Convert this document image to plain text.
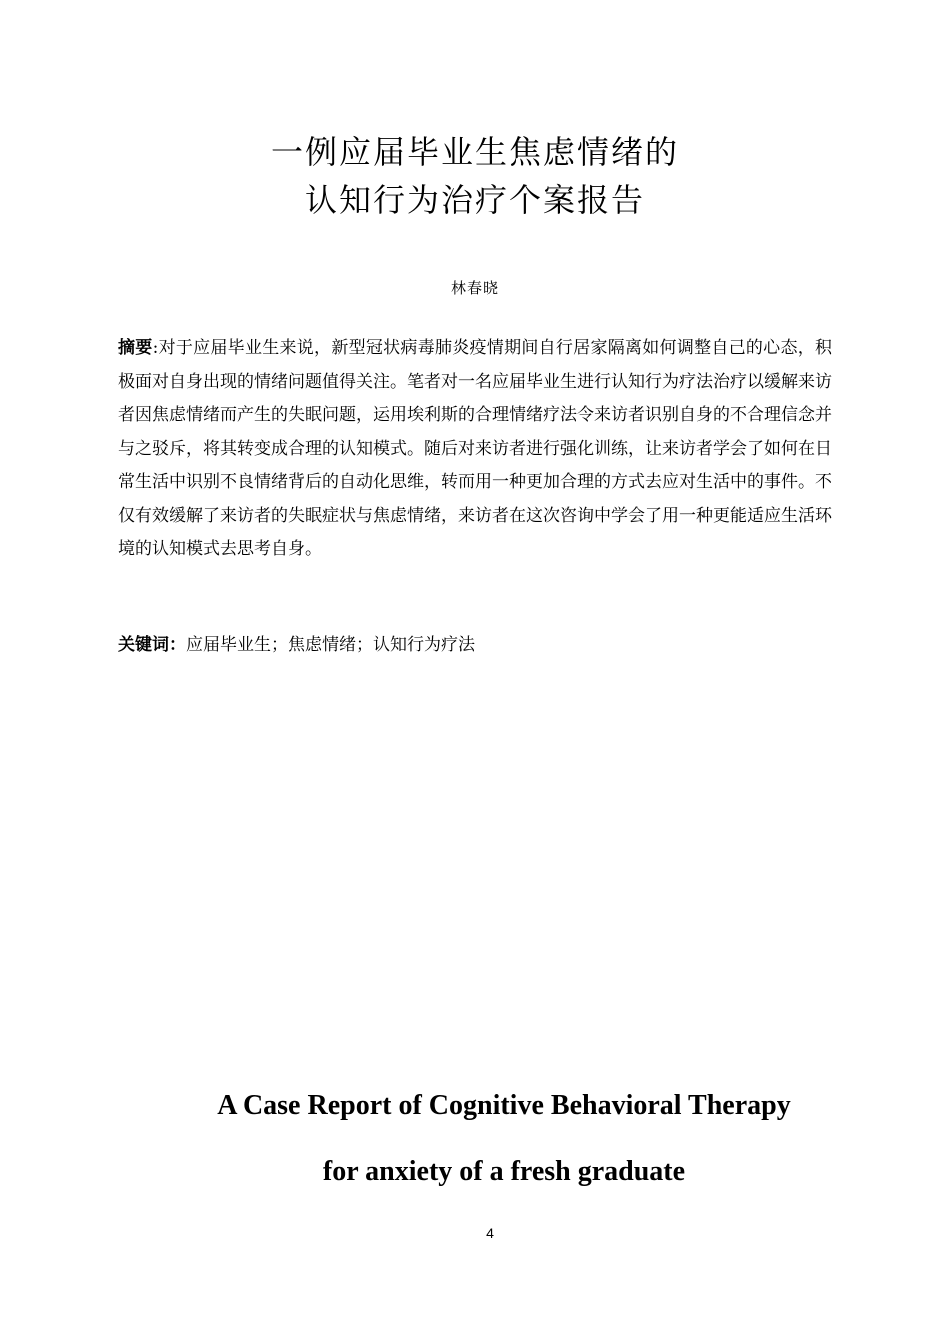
一例应届毕业生焦虑情绪的
认知行为治疗个案报告
林春晓
摘要:对于应届毕业生来说，新型冠状病毒肺炎疫情期间自行居家隔离如何调整自己的心态，积极面对自身出现的情绪问题值得关注。笔者对一名应届毕业生进行认知行为疗法治疗以缓解来访者因焦虑情绪而产生的失眠问题，运用埃利斯的合理情绪疗法令来访者识别自身的不合理信念并与之驳斥，将其转变成合理的认知模式。随后对来访者进行强化训练，让来访者学会了如何在日常生活中识别不良情绪背后的自动化思维，转而用一种更加合理的方式去应对生活中的事件。不仅有效缓解了来访者的失眠症状与焦虑情绪，来访者在这次咨询中学会了用一种更能适应生活环境的认知模式去思考自身。
关键词：应届毕业生；焦虑情绪；认知行为疗法
A Case Report of Cognitive Behavioral Therapy
for anxiety of a fresh graduate
4
